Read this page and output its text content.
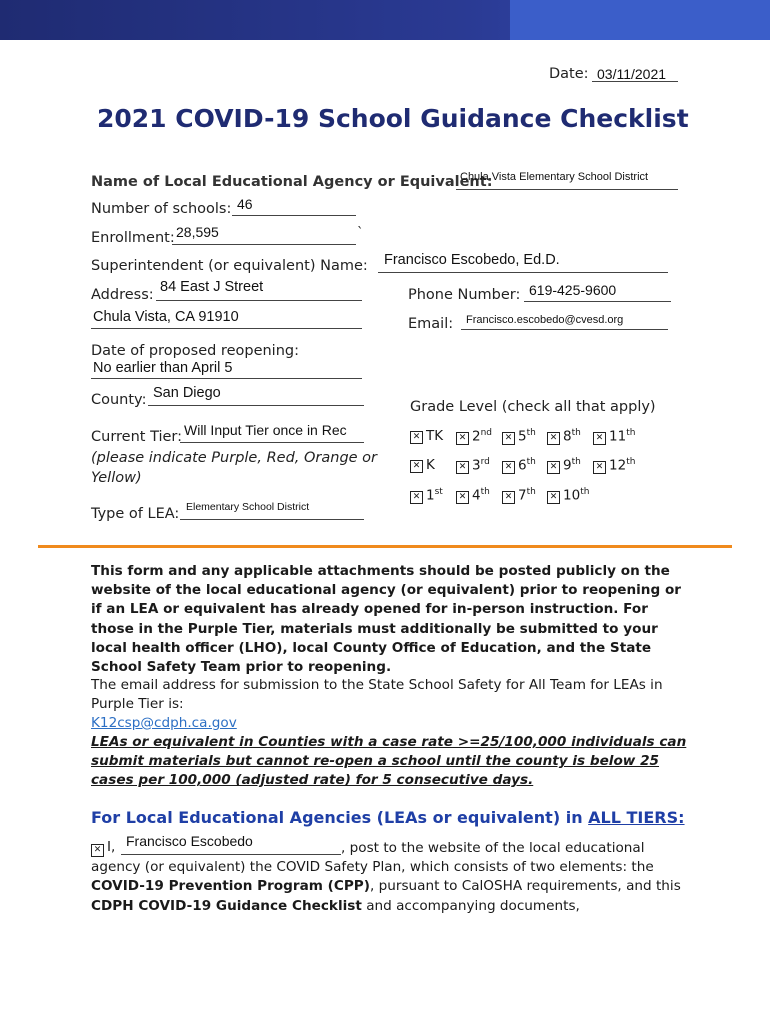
Date: 03/11/2021
2021 COVID-19 School Guidance Checklist
Name of Local Educational Agency or Equivalent:
Chula Vista Elementary School District
Number of schools: 46
Enrollment: 28,595	`
Superintendent (or equivalent) Name: Francisco Escobedo, Ed.D.
Address: 84 East J Street
Chula Vista, CA 91910
Phone Number: 619-425-9600
Email: Francisco.escobedo@cvesd.org
Date of proposed reopening:
No earlier than April 5
County: San Diego
Current Tier: Will Input Tier once in Rec
(please indicate Purple, Red, Orange or Yellow)
Type of LEA: Elementary School District
Grade Level (check all that apply)
✕ TK	✕ 2nd	✕ 5th	✕ 8th	✕ 11th
✕ K	✕ 3rd	✕ 6th	✕ 9th	✕ 12th
✕ 1st	✕ 4th	✕ 7th	✕ 10th
This form and any applicable attachments should be posted publicly on the website of the local educational agency (or equivalent) prior to reopening or if an LEA or equivalent has already opened for in-person instruction. For those in the Purple Tier, materials must additionally be submitted to your local health officer (LHO), local County Office of Education, and the State School Safety Team prior to reopening.
The email address for submission to the State School Safety for All Team for LEAs in Purple Tier is:
K12csp@cdph.ca.gov
LEAs or equivalent in Counties with a case rate >=25/100,000 individuals can submit materials but cannot re-open a school until the county is below 25 cases per 100,000 (adjusted rate) for 5 consecutive days.
For Local Educational Agencies (LEAs or equivalent) in ALL TIERS:
✕ I, Francisco Escobedo	, post to the website of the local educational agency (or equivalent) the COVID Safety Plan, which consists of two elements: the COVID-19 Prevention Program (CPP), pursuant to CalOSHA requirements, and this CDPH COVID-19 Guidance Checklist and accompanying documents,
